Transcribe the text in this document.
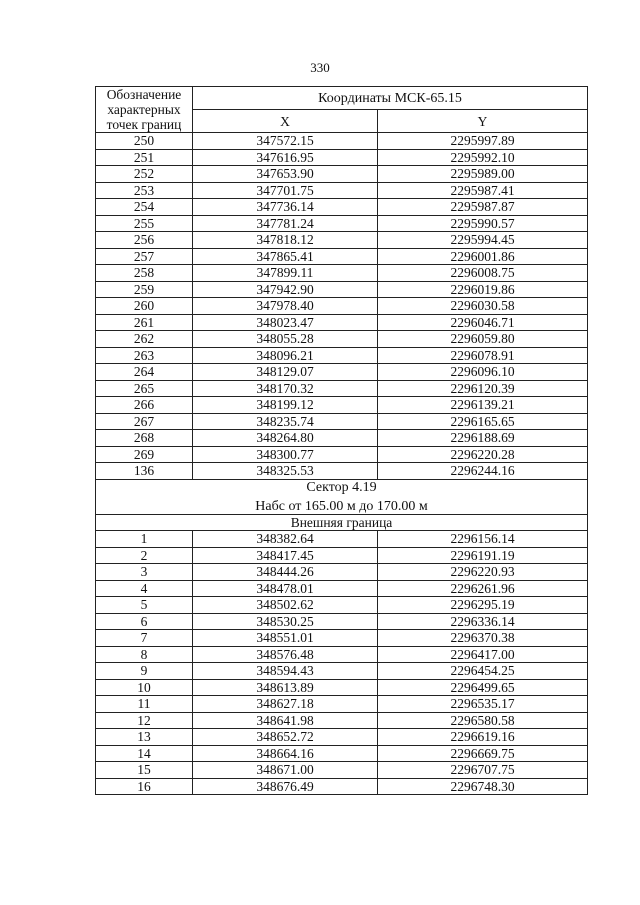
330
Обозначение
характерных
точек границ	Координаты МСК-65.15	
	X	Y
250	347572.15	2295997.89
251	347616.95	2295992.10
252	347653.90	2295989.00
253	347701.75	2295987.41
254	347736.14	2295987.87
255	347781.24	2295990.57
256	347818.12	2295994.45
257	347865.41	2296001.86
258	347899.11	2296008.75
259	347942.90	2296019.86
260	347978.40	2296030.58
261	348023.47	2296046.71
262	348055.28	2296059.80
263	348096.21	2296078.91
264	348129.07	2296096.10
265	348170.32	2296120.39
266	348199.12	2296139.21
267	348235.74	2296165.65
268	348264.80	2296188.69
269	348300.77	2296220.28
136	348325.53	2296244.16

Сектор 4.19
Набс от 165.00 м до 170.00 м		

Внешняя граница		
1	348382.64	2296156.14
2	348417.45	2296191.19
3	348444.26	2296220.93
4	348478.01	2296261.96
5	348502.62	2296295.19
6	348530.25	2296336.14
7	348551.01	2296370.38
8	348576.48	2296417.00
9	348594.43	2296454.25
10	348613.89	2296499.65
11	348627.18	2296535.17
12	348641.98	2296580.58
13	348652.72	2296619.16
14	348664.16	2296669.75
15	348671.00	2296707.75
16	348676.49	2296748.30
